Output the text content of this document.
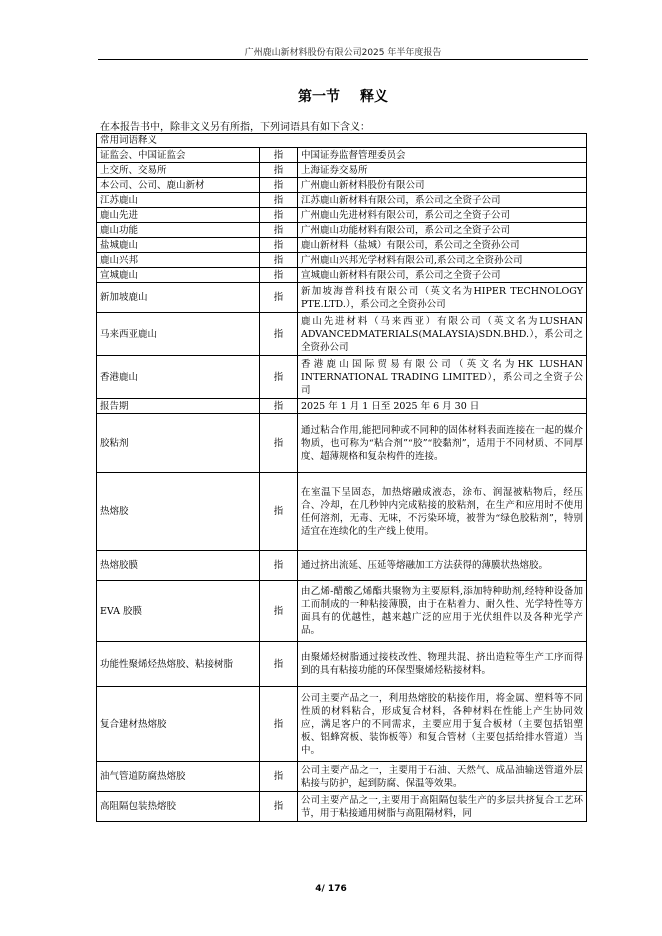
广州鹿山新材料股份有限公司2025 年半年度报告
第一节 释义
在本报告书中，除非文义另有所指，下列词语具有如下含义：
常用词语释义		
证监会、中国证监会	指	中国证券监督管理委员会
上交所、交易所	指	上海证券交易所
本公司、公司、鹿山新材	指	广州鹿山新材料股份有限公司
江苏鹿山	指	江苏鹿山新材料有限公司，系公司之全资子公司
鹿山先进	指	广州鹿山先进材料有限公司，系公司之全资子公司
鹿山功能	指	广州鹿山功能材料有限公司，系公司之全资子公司
盐城鹿山	指	鹿山新材料（盐城）有限公司，系公司之全资孙公司
鹿山兴邦	指	广州鹿山兴邦光学材料有限公司,系公司之全资孙公司
宣城鹿山	指	宣城鹿山新材料有限公司，系公司之全资子公司
新加坡鹿山	指	新加坡海普科技有限公司（英文名为HIPER TECHNOLOGY PTE.LTD.），系公司之全资孙公司
马来西亚鹿山	指	鹿山先进材料（马来西亚）有限公司（英文名为LUSHAN ADVANCEDMATERIALS(MALAYSIA)SDN.BHD.），系公司之全资孙公司
香港鹿山	指	香港鹿山国际贸易有限公司（英文名为HK LUSHAN INTERNATIONAL TRADING LIMITED），系公司之全资子公司
报告期	指	2025 年 1 月 1 日至 2025 年 6 月 30 日
胶粘剂	指	通过粘合作用,能把同种或不同种的固体材料表面连接在一起的媒介物质，也可称为“粘合剂”“胶”“胶黏剂”，适用于不同材质、不同厚度、超薄规格和复杂构件的连接。
热熔胶	指	在室温下呈固态，加热熔融成液态，涂布、润湿被粘物后，经压合、冷却，在几秒钟内完成粘接的胶粘剂，在生产和应用时不使用任何溶剂，无毒、无味，不污染环境，被誉为“绿色胶粘剂”，特别适宜在连续化的生产线上使用。
热熔胶膜	指	通过挤出流延、压延等熔融加工方法获得的薄膜状热熔胶。
EVA 胶膜	指	由乙烯-醋酸乙烯酯共聚物为主要原料,添加特种助剂,经特种设备加工而制成的一种粘接薄膜，由于在粘着力、耐久性、光学特性等方面具有的优越性，越来越广泛的应用于光伏组件以及各种光学产品。
功能性聚烯烃热熔胶、粘接树脂	指	由聚烯烃树脂通过接枝改性、物理共混、挤出造粒等生产工序而得到的具有粘接功能的环保型聚烯烃粘接材料。
复合建材热熔胶	指	公司主要产品之一，利用热熔胶的粘接作用，将金属、塑料等不同性质的材料粘合，形成复合材料，各种材料在性能上产生协同效应，满足客户的不同需求，主要应用于复合板材（主要包括铝塑板、铝蜂窝板、装饰板等）和复合管材（主要包括给排水管道）当中。
油气管道防腐热熔胶	指	公司主要产品之一，主要用于石油、天然气、成品油输送管道外层粘接与防护，起到防腐、保温等效果。
高阻隔包装热熔胶	指	公司主要产品之一,主要用于高阻隔包装生产的多层共挤复合工艺环节，用于粘接通用树脂与高阻隔材料，同
4/ 176
